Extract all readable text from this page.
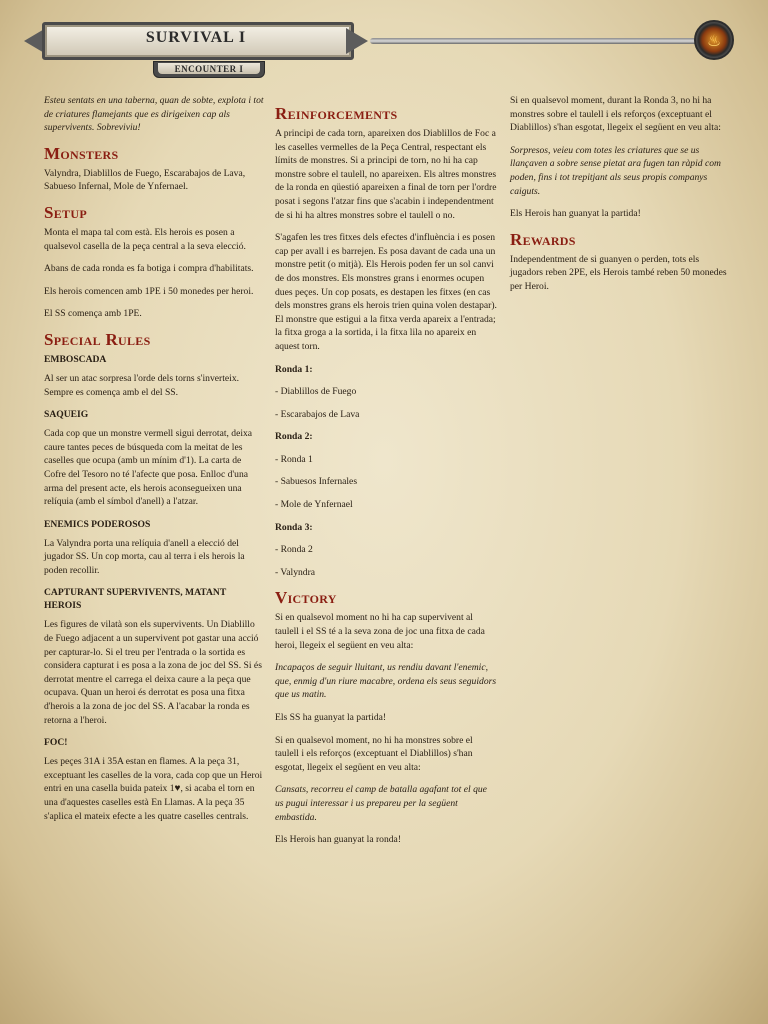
SURVIVAL I	♨
ENCOUNTER I

Esteu sentats en una taberna, quan de sobte, explota i tot de criatures flamejants que es dirigeixen cap als supervivents. Sobreviviu!

Monsters

Valyndra, Diablillos de Fuego, Escarabajos de Lava, Sabueso Infernal, Mole de Ynfernael.

Setup

Monta el mapa tal com està. Els herois es posen a qualsevol casella de la peça central a la seva elecció.

Abans de cada ronda es fa botiga i compra d'habilitats.

Els herois comencen amb 1PE i 50 monedes per heroi.

El SS comença amb 1PE.

Special Rules
EMBOSCADA

Al ser un atac sorpresa l'orde dels torns s'inverteix. Sempre es comença amb el del SS.

SAQUEIG

Cada cop que un monstre vermell sigui derrotat, deixa caure tantes peces de búsqueda com la meitat de les caselles que ocupa (amb un mínim d'1). La carta de Cofre del Tesoro no té l'afecte que posa. Enlloc d'una arma del present acte, els herois aconsegueixen una relíquia (amb el símbol d'anell) a l'atzar.

ENEMICS PODEROSOS

La Valyndra porta una relíquia d'anell a elecció del jugador SS. Un cop morta, cau al terra i els herois la poden recollir.

CAPTURANT SUPERVIVENTS, MATANT HEROIS

Les figures de vilatà son els supervivents. Un Diablillo de Fuego adjacent a un supervivent pot gastar una acció per capturar-lo. Si el treu per l'entrada o la sortida es considera capturat i es posa a la zona de joc del SS. Si és derrotat mentre el carrega el deixa caure a la peça que ocupava. Quan un heroi és derrotat es posa una fitxa d'herois a la zona de joc del SS. A l'acabar la ronda es retorna a l'heroi.

FOC!

Les peçes 31A i 35A estan en flames. A la peça 31, exceptuant les caselles de la vora, cada cop que un Heroi entri en una casella buida pateix 1♥, si acaba el torn en una d'aquestes caselles està En Llamas. A la peça 35 s'aplica el mateix efecte a les quatre caselles centrals.

Reinforcements

A principi de cada torn, apareixen dos Diablillos de Foc a les caselles vermelles de la Peça Central, respectant els límits de monstres. Si a principi de torn, no hi ha cap monstre sobre el taulell, no apareixen. Els altres monstres de la ronda en qüestió apareixen a final de torn per l'ordre posat i segons l'atzar fins que s'acabin i independentment de si hi ha altres monstres sobre el taulell o no.

S'agafen les tres fitxes dels efectes d'influència i es posen cap per avall i es barrejen. Es posa davant de cada una un monstre petit (o mitjà). Els Herois poden fer un sol canvi de dos monstres. Els monstres grans i enormes ocupen dues peçes. Un cop posats, es destapen les fitxes (en cas dels monstres grans els herois trien quina volen destapar). El monstre que estigui a la fitxa verda apareix a l'entrada; la fitxa groga a la sortida, i la fitxa lila no apareix en aquest torn.

Ronda 1:

- Diablillos de Fuego

- Escarabajos de Lava

Ronda 2:

- Ronda 1

- Sabuesos Infernales

- Mole de Ynfernael

Ronda 3:

- Ronda 2

- Valyndra

Victory

Si en qualsevol moment no hi ha cap supervivent al taulell i el SS té a la seva zona de joc una fitxa de cada heroi, llegeix el següent en veu alta:

Incapaços de seguir lluitant, us rendiu davant l'enemic, que, enmig d'un riure macabre, ordena els seus seguidors que us matin.

Els SS ha guanyat la partida!

Si en qualsevol moment, no hi ha monstres sobre el taulell i els reforços (exceptuant el Diablillos) s'han esgotat, llegeix el següent en veu alta:

Cansats, recorreu el camp de batalla agafant tot el que us pugui interessar i us prepareu per la següent embastida.

Els Herois han guanyat la ronda!

Si en qualsevol moment, durant la Ronda 3, no hi ha monstres sobre el taulell i els reforços (exceptuant el Diablillos) s'han esgotat, llegeix el següent en veu alta:

Sorpresos, veieu com totes les criatures que se us llançaven a sobre sense pietat ara fugen tan ràpid com poden, fins i tot trepitjant als seus propis companys caiguts.

Els Herois han guanyat la partida!

Rewards

Independentment de si guanyen o perden, tots els jugadors reben 2PE, els Herois també reben 50 monedes per Heroi.
